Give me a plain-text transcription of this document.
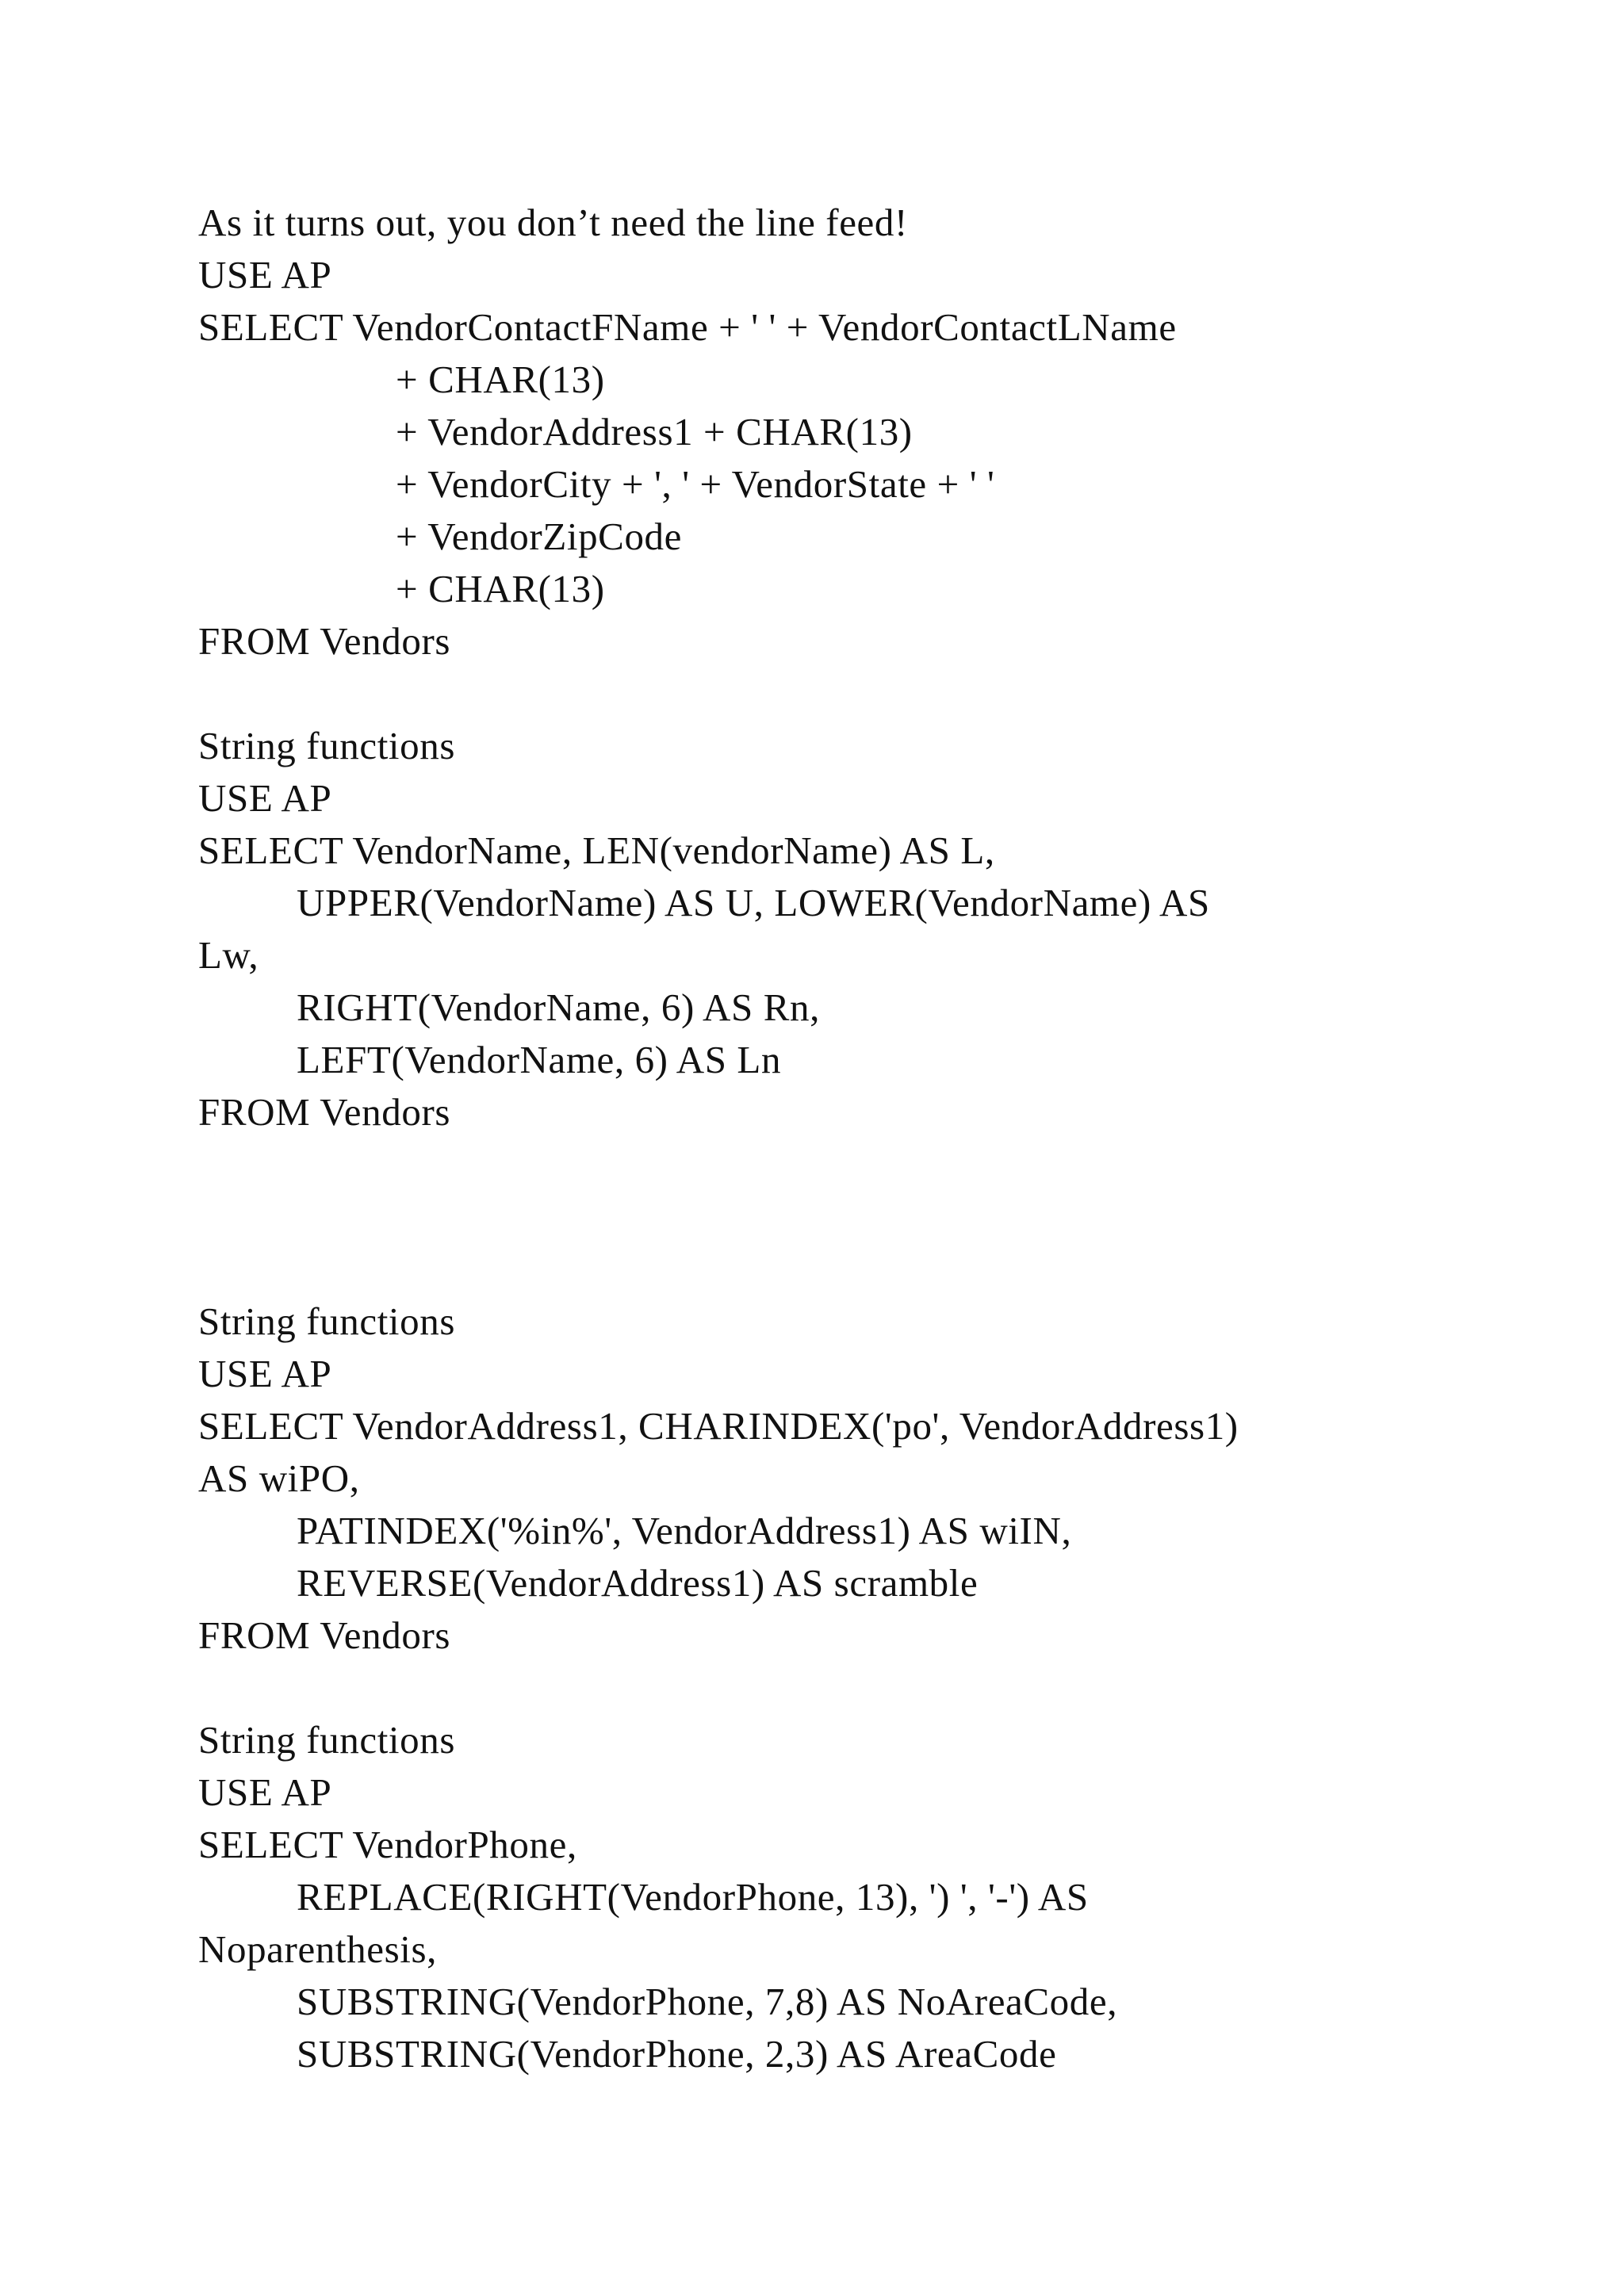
As it turns out, you don’t need the line feed!
USE AP
SELECT VendorContactFName + ' ' + VendorContactLName
+ CHAR(13)
+ VendorAddress1 + CHAR(13)
+ VendorCity + ', ' + VendorState + ' '
+ VendorZipCode
+ CHAR(13)
FROM Vendors
String functions
USE AP
SELECT VendorName, LEN(vendorName) AS L,
UPPER(VendorName) AS U, LOWER(VendorName) AS
Lw,
RIGHT(VendorName, 6) AS Rn,
LEFT(VendorName, 6) AS Ln
FROM Vendors
String functions
USE AP
SELECT VendorAddress1, CHARINDEX('po', VendorAddress1)
AS wiPO,
PATINDEX('%in%', VendorAddress1) AS wiIN,
REVERSE(VendorAddress1) AS scramble
FROM Vendors
String functions
USE AP
SELECT VendorPhone,
REPLACE(RIGHT(VendorPhone, 13), ') ', '-') AS
Noparenthesis,
SUBSTRING(VendorPhone, 7,8) AS NoAreaCode,
SUBSTRING(VendorPhone, 2,3) AS AreaCode
